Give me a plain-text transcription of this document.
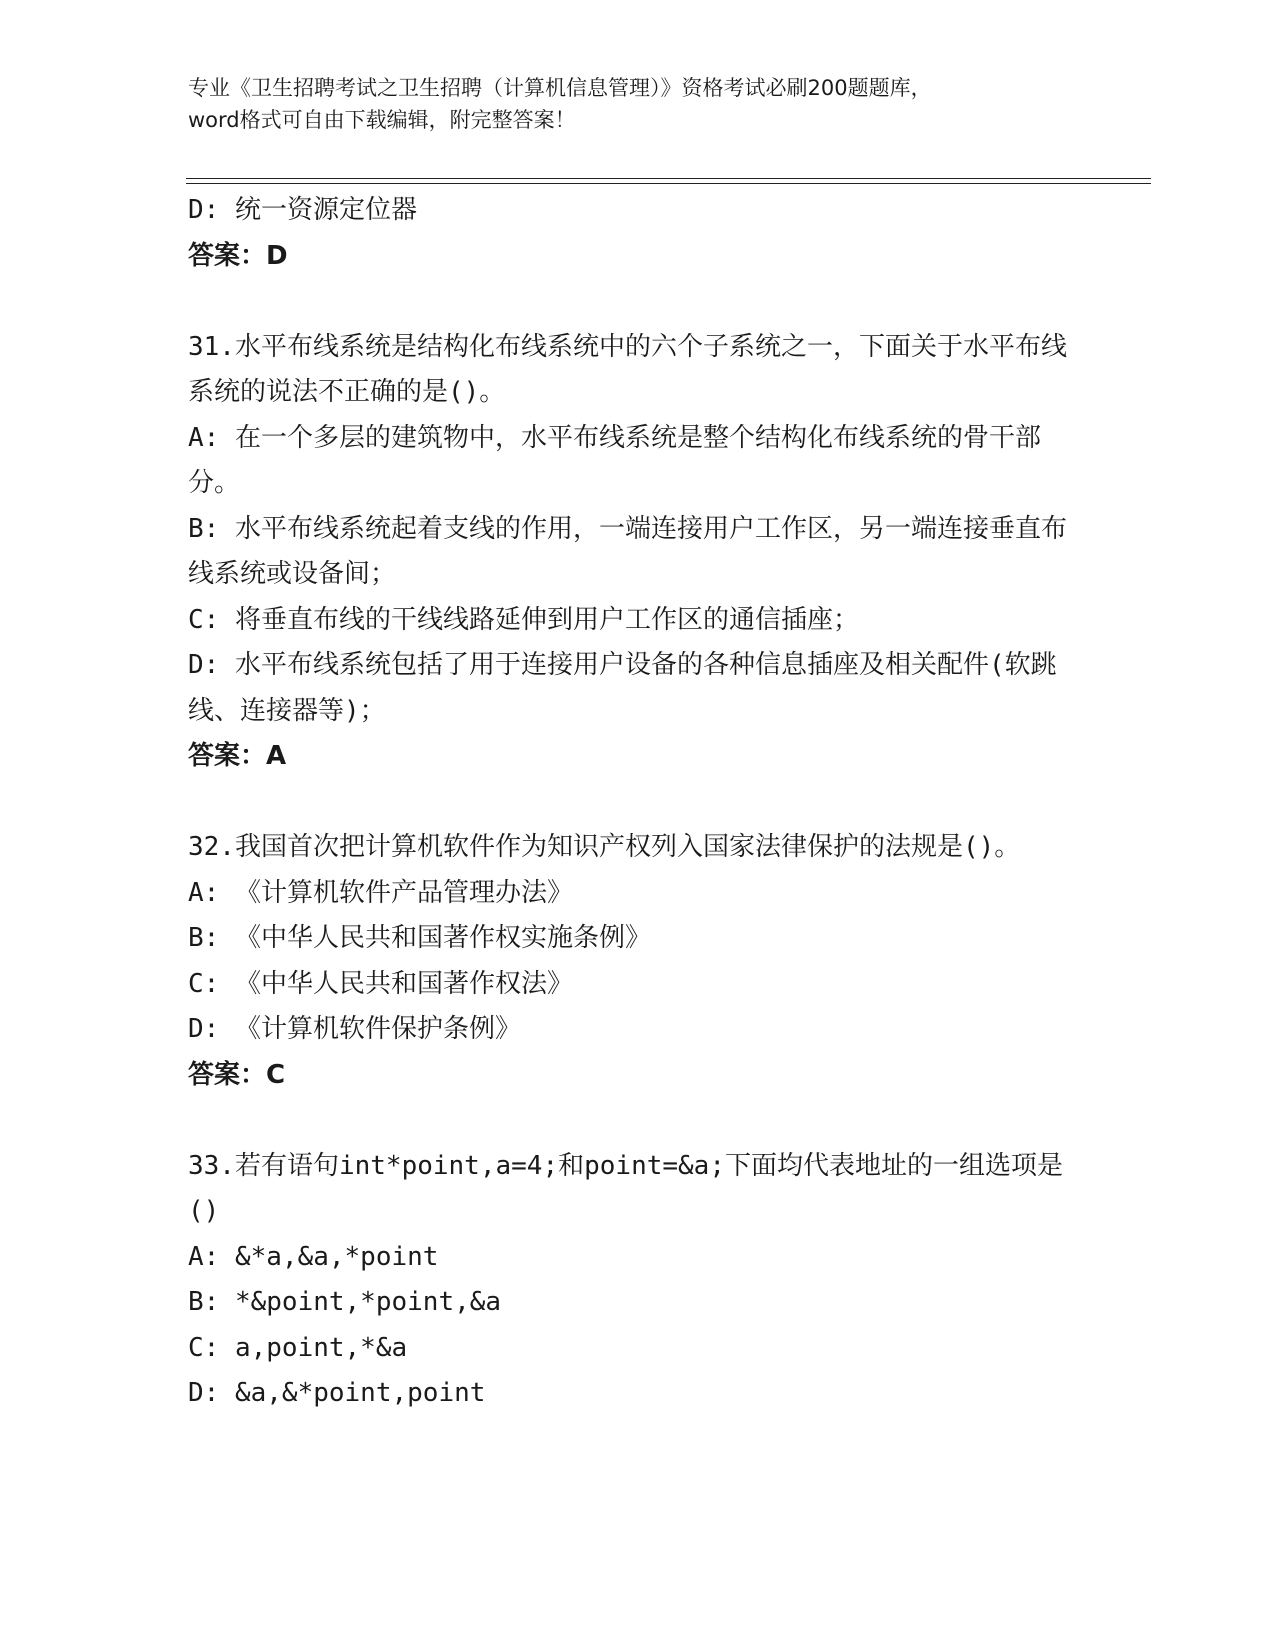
专业《卫生招聘考试之卫生招聘（计算机信息管理）》资格考试必刷200题题库，
word格式可自由下载编辑，附完整答案！

D: 统一资源定位器

答案：D

31.水平布线系统是结构化布线系统中的六个子系统之一，下面关于水平布线系统的说法不正确的是()。

A: 在一个多层的建筑物中，水平布线系统是整个结构化布线系统的骨干部分。

B: 水平布线系统起着支线的作用，一端连接用户工作区，另一端连接垂直布线系统或设备间；

C: 将垂直布线的干线线路延伸到用户工作区的通信插座；

D: 水平布线系统包括了用于连接用户设备的各种信息插座及相关配件(软跳线、连接器等)；

答案：A

32.我国首次把计算机软件作为知识产权列入国家法律保护的法规是()。

A: 《计算机软件产品管理办法》

B: 《中华人民共和国著作权实施条例》

C: 《中华人民共和国著作权法》

D: 《计算机软件保护条例》

答案：C

33.若有语句int*point,a=4;和point=&a;下面均代表地址的一组选项是()

A: &*a,&a,*point

B: *&point,*point,&a

C: a,point,*&a

D: &a,&*point,point
